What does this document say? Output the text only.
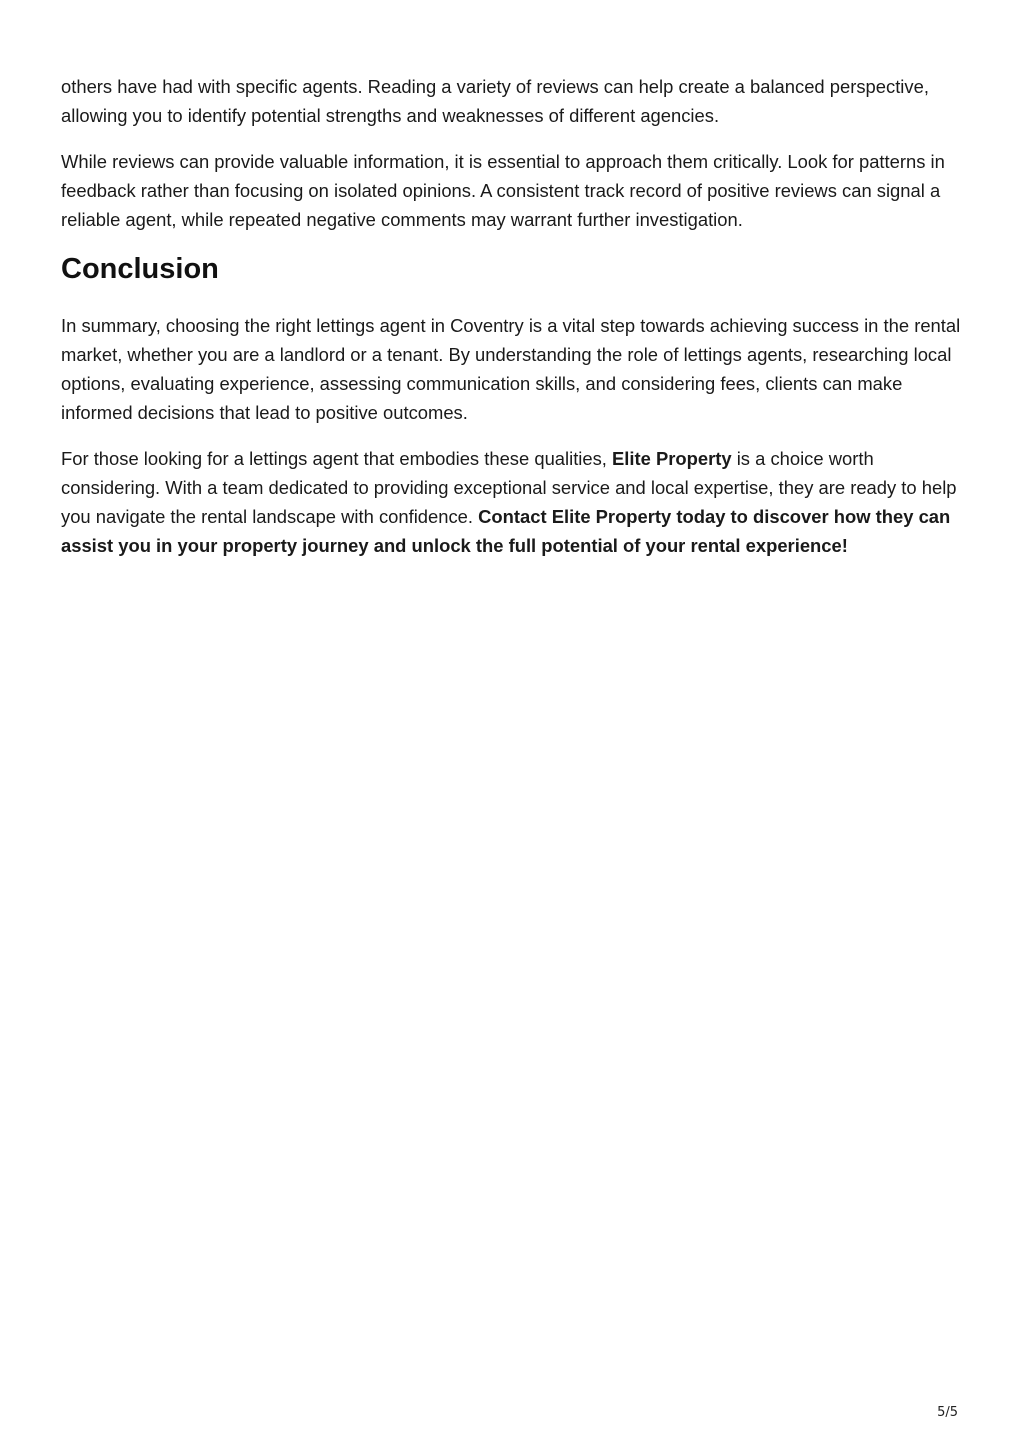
others have had with specific agents. Reading a variety of reviews can help create a balanced perspective, allowing you to identify potential strengths and weaknesses of different agencies.

While reviews can provide valuable information, it is essential to approach them critically. Look for patterns in feedback rather than focusing on isolated opinions. A consistent track record of positive reviews can signal a reliable agent, while repeated negative comments may warrant further investigation.

Conclusion

In summary, choosing the right lettings agent in Coventry is a vital step towards achieving success in the rental market, whether you are a landlord or a tenant. By understanding the role of lettings agents, researching local options, evaluating experience, assessing communication skills, and considering fees, clients can make informed decisions that lead to positive outcomes.

For those looking for a lettings agent that embodies these qualities, Elite Property is a choice worth considering. With a team dedicated to providing exceptional service and local expertise, they are ready to help you navigate the rental landscape with confidence. Contact Elite Property today to discover how they can assist you in your property journey and unlock the full potential of your rental experience!

5/5
